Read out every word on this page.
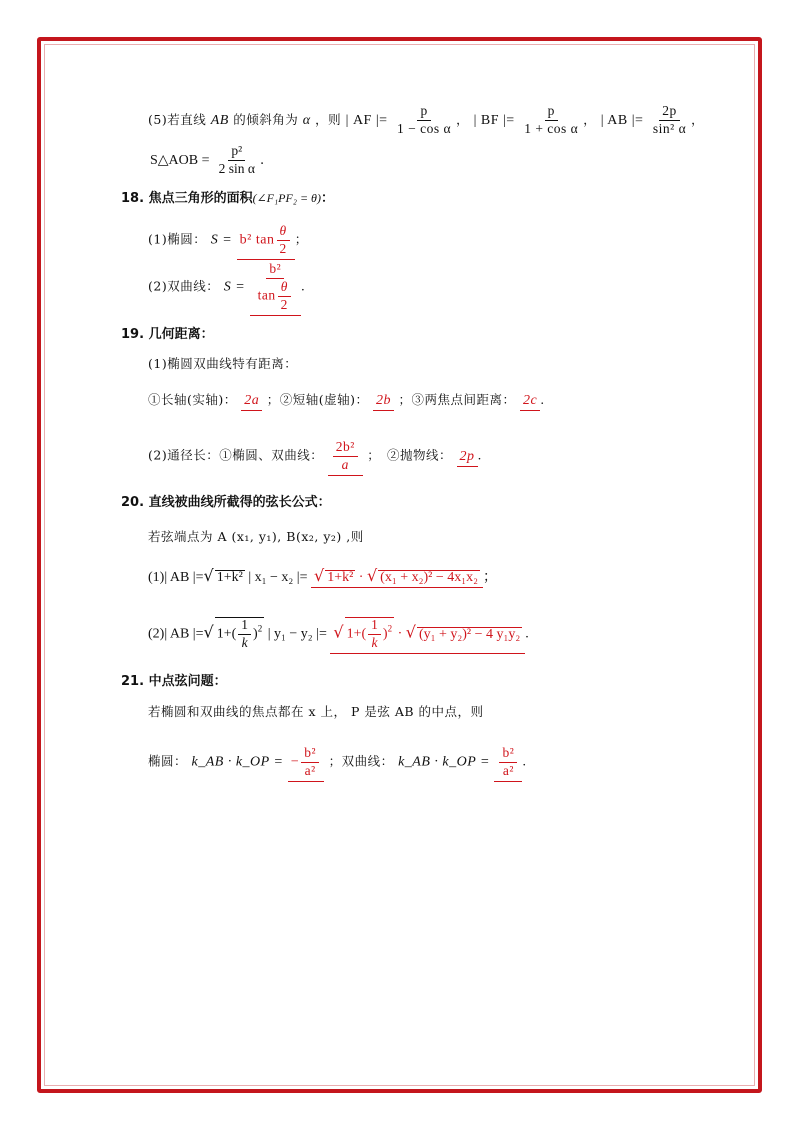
(5)若直线 AB 的倾斜角为 α ，则 | AF |= $\frac{p}{\text{1 − cos α}}$ ， | BF |= $\frac{p}{\text{1 + cos α}}$ ， | AB |= $\frac{2p}{\text{sin² α}}$ ，
S△AOB = $\frac{\text{p²}}{\text{2 sin α}}$ .
18. 焦点三角形的面积(∠F₁PF₂ = θ)：
(1)椭圆： S = b² $\tan \frac{\theta}{2}$ ；
(2)双曲线： $S = \frac{\text{b²}}{\tan \frac{\theta}{2}}$ .
19. 几何距离：
(1)椭圆双曲线特有距离：
①长轴(实轴)： 2a ；②短轴(虚轴)： 2b ；③两焦点间距离： 2c .
(2)通径长：①椭圆、双曲线： $\frac{\text{2b²}}{a}$ ；　②抛物线： 2p .
20. 直线被曲线所截得的弦长公式：
若弦端点为 A (x₁, y₁), B(x₂, y₂) ,则
(1)| AB |=√ 1+k² | x₁ − x₂ |= √ 1+k² · √ (x₁ + x₂)² − 4x₁x₂ ；
(2)| AB |=√ $1+( \frac{1}{k} )^2$ | y₁ − y₂ |= √ $1+( \frac{1}{k} )^2$ · √ (y₁ + y₂)² − 4 y₁y₂ .
21. 中点弦问题：
若椭圆和双曲线的焦点都在 x 上， P 是弦 AB 的中点，则
椭圆： k_AB · k_OP = − $\frac{\text{b²}}{\text{a²}}$ ；双曲线： k_AB · k_OP = $\frac{\text{b²}}{\text{a²}}$ .
